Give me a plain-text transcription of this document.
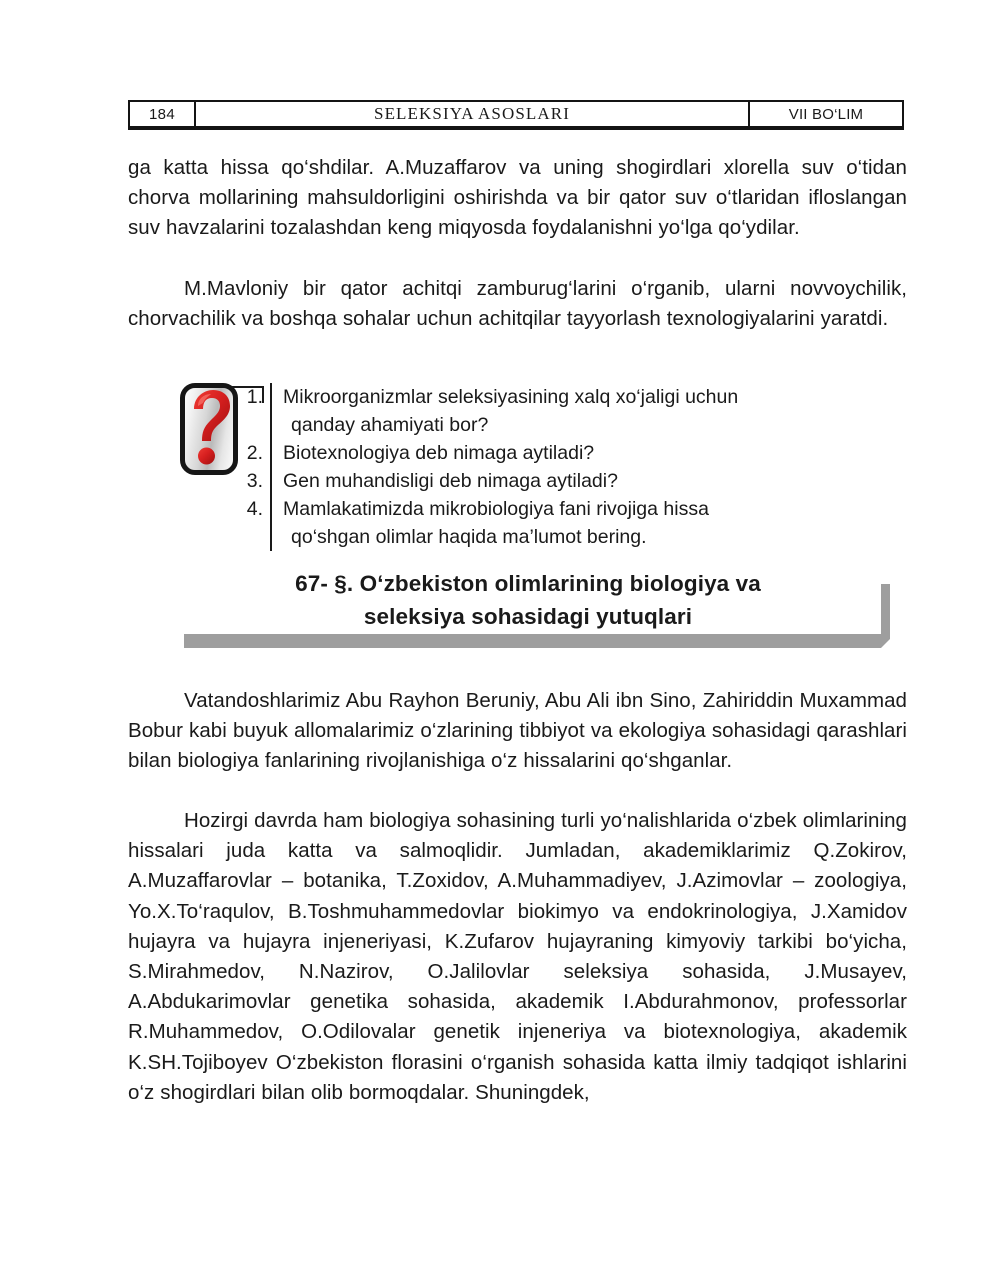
184	SELEKSIYA ASOSLARI	VII BO‘LIM

ga katta hissa qo‘shdilar. A.Muzaffarov va uning shogirdlari xlorella suv o‘tidan chorva mollarining mahsuldorligini oshirishda va bir qator suv o‘tlaridan ifloslangan suv havzalarini tozalashdan keng miqyosda foydalanishni yo‘lga qo‘ydilar.

M.Mavloniy bir qator achitqi zamburug‘larini o‘rganib, ularni novvoychilik, chorvachilik va boshqa sohalar uchun achitqilar tayyorlash texnologiyalarini yaratdi.

1.	Mikroorganizmlar seleksiyasining xalq xo‘jaligi uchun
qanday ahamiyati bor?
2.	Biotexnologiya deb nimaga aytiladi?
3.	Gen muhandisligi deb nimaga aytiladi?
4.	Mamlakatimizda mikrobiologiya fani rivojiga hissa
qo‘shgan olimlar haqida ma’lumot bering.
67- §. O‘zbekiston olimlarining biologiya va
seleksiya sohasidagi yutuqlari

Vatandoshlarimiz Abu Rayhon Beruniy, Abu Ali ibn Sino, Zahiriddin Muxammad Bobur kabi buyuk allomalarimiz o‘zlarining tibbiyot va ekologiya sohasidagi qarashlari bilan biologiya fanlarining rivojlanishiga o‘z hissalarini qo‘shganlar.

Hozirgi davrda ham biologiya sohasining turli yo‘nalishlarida o‘zbek olimlarining hissalari juda katta va salmoqlidir. Jumladan, akademiklarimiz Q.Zokirov, A.Muzaffarovlar – botanika, T.Zoxidov, A.Muhammadiyev, J.Azimovlar – zoologiya, Yo.X.To‘raqulov, B.Toshmuhammedovlar biokimyo va endokrinologiya, J.Xamidov hujayra va hujayra injeneriyasi, K.Zufarov hujayraning kimyoviy tarkibi bo‘yicha, S.Mirahmedov, N.Nazirov, O.Jalilovlar seleksiya sohasida, J.Musayev, A.Abdukarimovlar genetika sohasida, akademik I.Abdurahmonov, professorlar R.Muhammedov, O.Odilovalar genetik injeneriya va biotexnologiya, akademik K.SH.Tojiboyev O‘zbekiston florasini o‘rganish sohasida katta ilmiy tadqiqot ishlarini o‘z shogirdlari bilan olib bormoqdalar. Shuningdek,
